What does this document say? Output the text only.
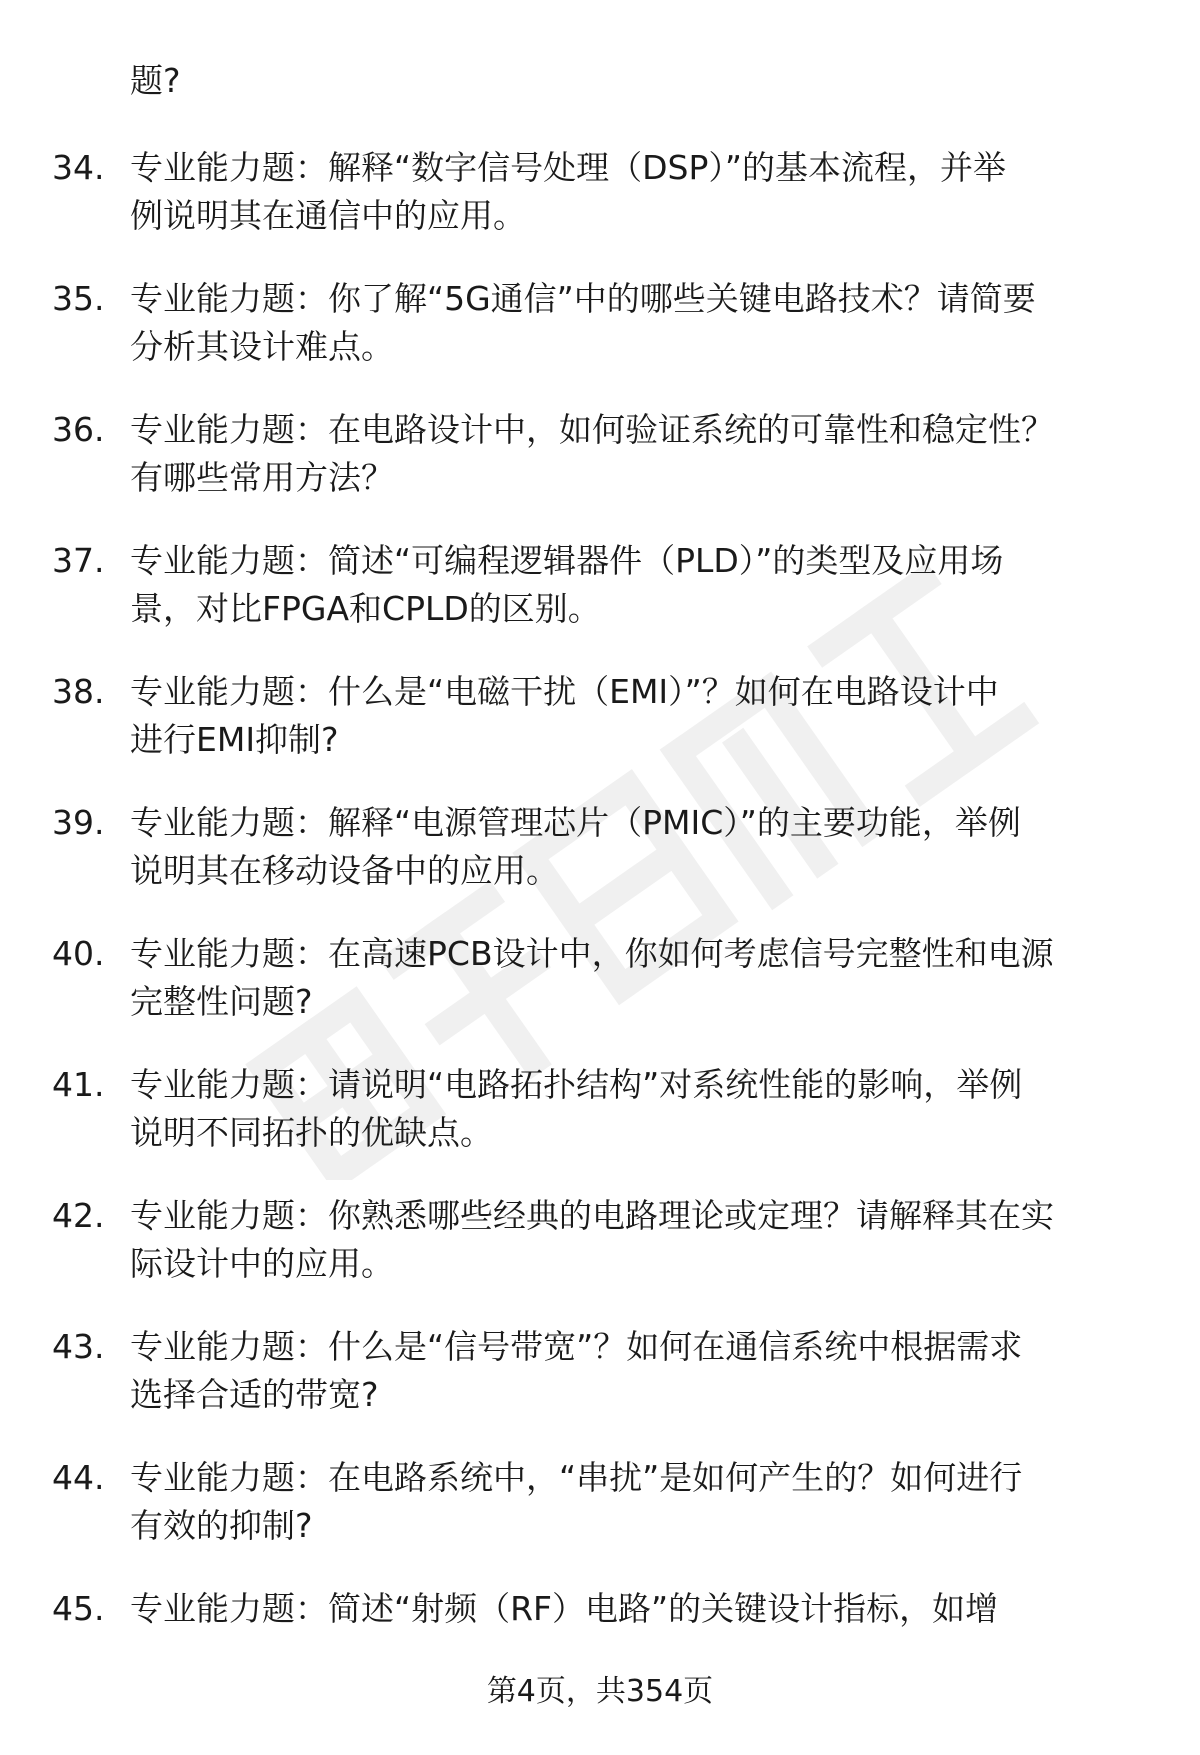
题?
34. 专业能力题：解释“数字信号处理（DSP）”的基本流程，并举
例说明其在通信中的应用。
35. 专业能力题：你了解“5G通信”中的哪些关键电路技术？请简要
分析其设计难点。
36. 专业能力题：在电路设计中，如何验证系统的可靠性和稳定性？
有哪些常用方法？
37. 专业能力题：简述“可编程逻辑器件（PLD）”的类型及应用场
景，对比FPGA和CPLD的区别。
38. 专业能力题：什么是“电磁干扰（EMI）”？如何在电路设计中
进行EMI抑制?
39. 专业能力题：解释“电源管理芯片（PMIC）”的主要功能，举例
说明其在移动设备中的应用。
40. 专业能力题：在高速PCB设计中，你如何考虑信号完整性和电源
完整性问题?
41. 专业能力题：请说明“电路拓扑结构”对系统性能的影响，举例
说明不同拓扑的优缺点。
42. 专业能力题：你熟悉哪些经典的电路理论或定理？请解释其在实
际设计中的应用。
43. 专业能力题：什么是“信号带宽”？如何在通信系统中根据需求
选择合适的带宽?
44. 专业能力题：在电路系统中，“串扰”是如何产生的？如何进行
有效的抑制?
45. 专业能力题：简述“射频（RF）电路”的关键设计指标，如增
第4页，共354页
